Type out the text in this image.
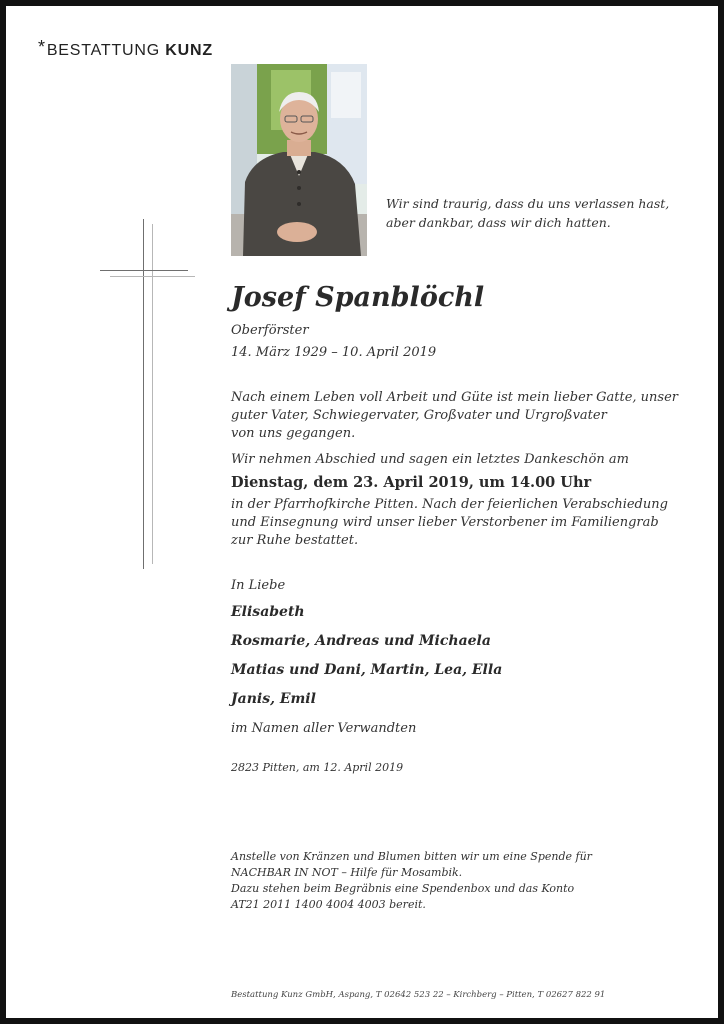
*BESTATTUNG KUNZ
Wir sind traurig, dass du uns verlassen hast,
aber dankbar, dass wir dich hatten.
Josef Spanblöchl
Oberförster
14. März 1929 – 10. April 2019
Nach einem Leben voll Arbeit und Güte ist mein lieber Gatte, unser
guter Vater, Schwiegervater, Großvater und Urgroßvater
von uns gegangen.
Wir nehmen Abschied und sagen ein letztes Dankeschön am
Dienstag, dem 23. April 2019, um 14.00 Uhr
in der Pfarrhofkirche Pitten. Nach der feierlichen Verabschiedung
und Einsegnung wird unser lieber Verstorbener im Familiengrab
zur Ruhe bestattet.
In Liebe
Elisabeth
Rosmarie, Andreas und Michaela
Matias und Dani, Martin, Lea, Ella
Janis, Emil
im Namen aller Verwandten
2823 Pitten, am 12. April 2019
Anstelle von Kränzen und Blumen bitten wir um eine Spende für
NACHBAR IN NOT – Hilfe für Mosambik.
Dazu stehen beim Begräbnis eine Spendenbox und das Konto
AT21 2011 1400 4004 4003 bereit.
Bestattung Kunz GmbH, Aspang, T 02642 523 22 – Kirchberg – Pitten, T 02627 822 91
